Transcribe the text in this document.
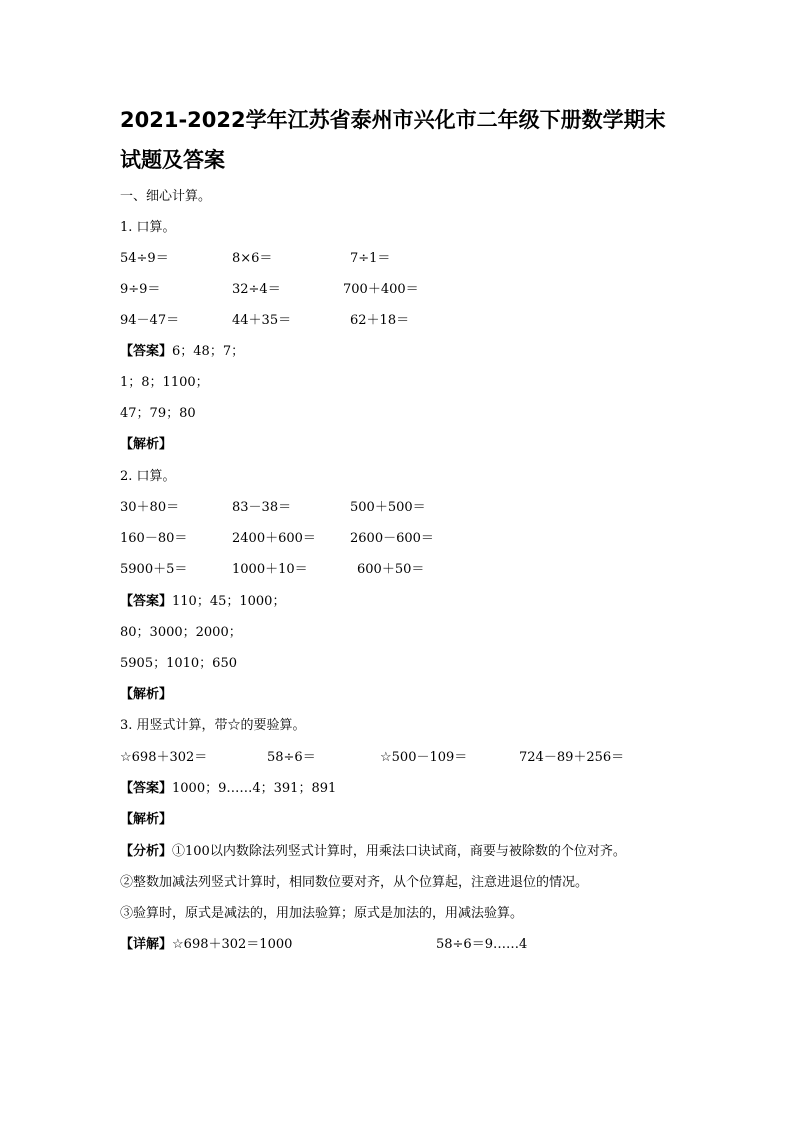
2021-2022学年江苏省泰州市兴化市二年级下册数学期末试题及答案
一、细心计算。
1. 口算。
54÷9＝	8×6＝	7÷1＝
9÷9＝	32÷4＝	700＋400＝
94－47＝	44＋35＝	62＋18＝
【答案】6；48；7；
1；8；1100；
47；79；80
【解析】
2. 口算。
30＋80＝	83－38＝	500＋500＝
160－80＝	2400＋600＝	2600－600＝
5900＋5＝	1000＋10＝	600＋50＝
【答案】110；45；1000；
80；3000；2000；
5905；1010；650
【解析】
3. 用竖式计算，带☆的要验算。
☆698＋302＝	58÷6＝	☆500－109＝	724－89＋256＝
【答案】1000；9……4；391；891
【解析】
【分析】①100以内数除法列竖式计算时，用乘法口诀试商，商要与被除数的个位对齐。
②整数加减法列竖式计算时，相同数位要对齐，从个位算起，注意进退位的情况。
③验算时，原式是减法的，用加法验算；原式是加法的，用减法验算。
【详解】☆698＋302＝1000	58÷6＝9……4
